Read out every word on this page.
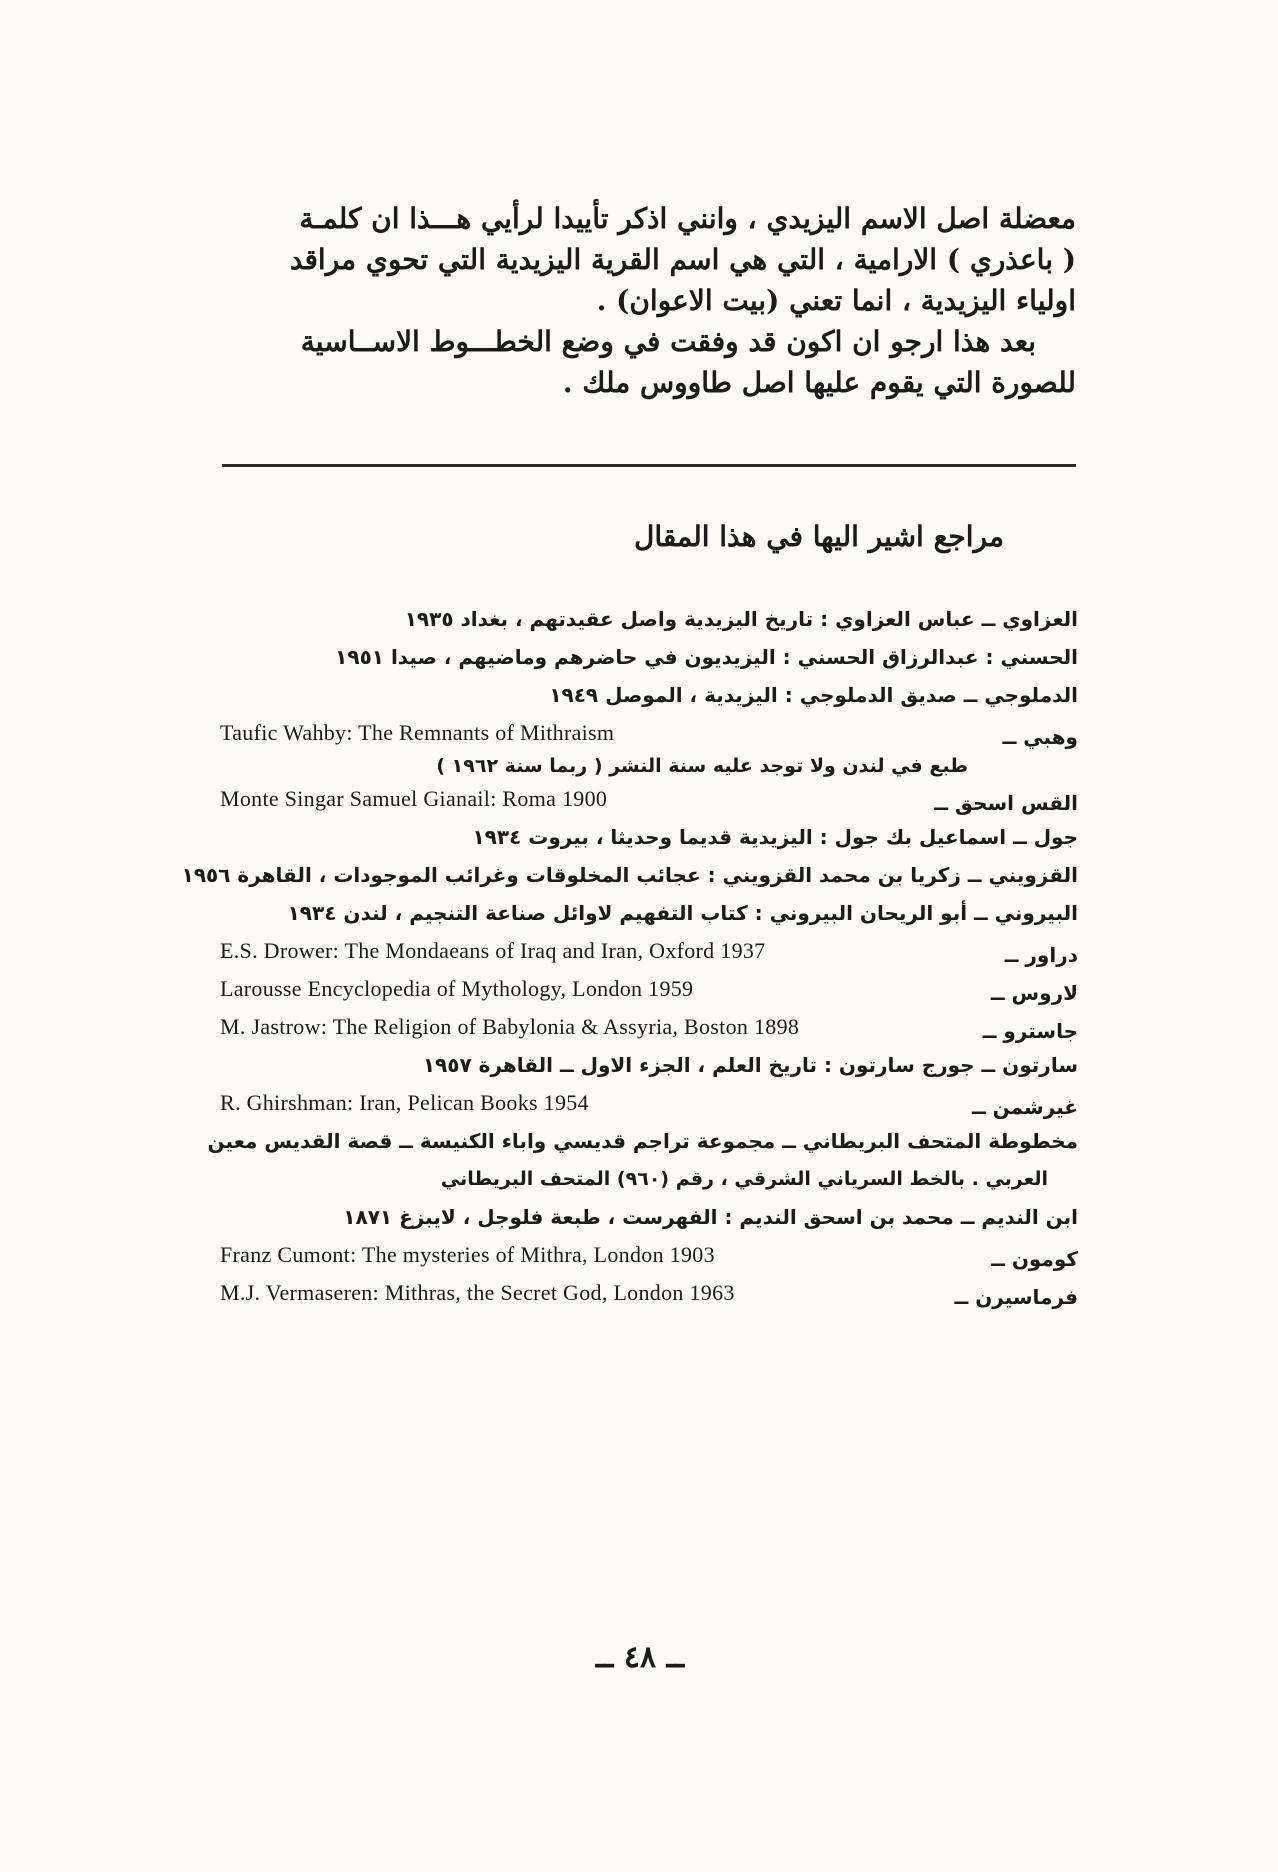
معضلة اصل الاسم اليزيدي ، وانني اذكر تأييدا لرأيي هـــذا ان كلمـة
( باعذري ) الارامية ، التي هي اسم القرية اليزيدية التي تحوي مراقد
اولياء اليزيدية ، انما تعني (بيت الاعوان) .
بعد هذا ارجو ان اكون قد وفقت في وضع الخطـــوط الاســاسية
للصورة التي يقوم عليها اصل طاووس ملك .
مراجع اشير اليها في هذا المقال
العزاوي ــ عباس العزاوي : تاريخ اليزيدية واصل عقيدتهم ، بغداد ١٩٣٥
الحسني : عبدالرزاق الحسني : اليزيديون في حاضرهم وماضيهم ، صيدا ١٩٥١
الدملوجي ــ صديق الدملوجي : اليزيدية ، الموصل ١٩٤٩
وهبي ــ
Taufic Wahby: The Remnants of Mithraism
طبع في لندن ولا توجد عليه سنة النشر ( ربما سنة ١٩٦٢ )
القس اسحق ــ
Monte Singar Samuel Gianail: Roma 1900
جول ــ اسماعيل بك جول : اليزيدية قديما وحديثا ، بيروت ١٩٣٤
القزويني ــ زكريا بن محمد القزويني : عجائب المخلوقات وغرائب الموجودات ، القاهرة ١٩٥٦
البيروني ــ أبو الريحان البيروني : كتاب التفهيم لاوائل صناعة التنجيم ، لندن ١٩٣٤
دراور ــ
E.S. Drower: The Mondaeans of Iraq and Iran, Oxford 1937
لاروس ــ
Larousse Encyclopedia of Mythology, London 1959
جاسترو ــ
M. Jastrow: The Religion of Babylonia & Assyria, Boston 1898
سارتون ــ جورج سارتون : تاريخ العلم ، الجزء الاول ــ القاهرة ١٩٥٧
غيرشمن ــ
R. Ghirshman: Iran, Pelican Books 1954
مخطوطة المتحف البريطاني ــ مجموعة تراجم قديسي واباء الكنيسة ــ قصة القديس معين
العربي . بالخط السرياني الشرقي ، رقم (٩٦٠) المتحف البريطاني
ابن النديم ــ محمد بن اسحق النديم : الفهرست ، طبعة فلوجل ، لايبزغ ١٨٧١
كومون ــ
Franz Cumont: The mysteries of Mithra, London 1903
فرماسيرن ــ
M.J. Vermaseren: Mithras, the Secret God, London 1963
ــ ٤٨ ــ
